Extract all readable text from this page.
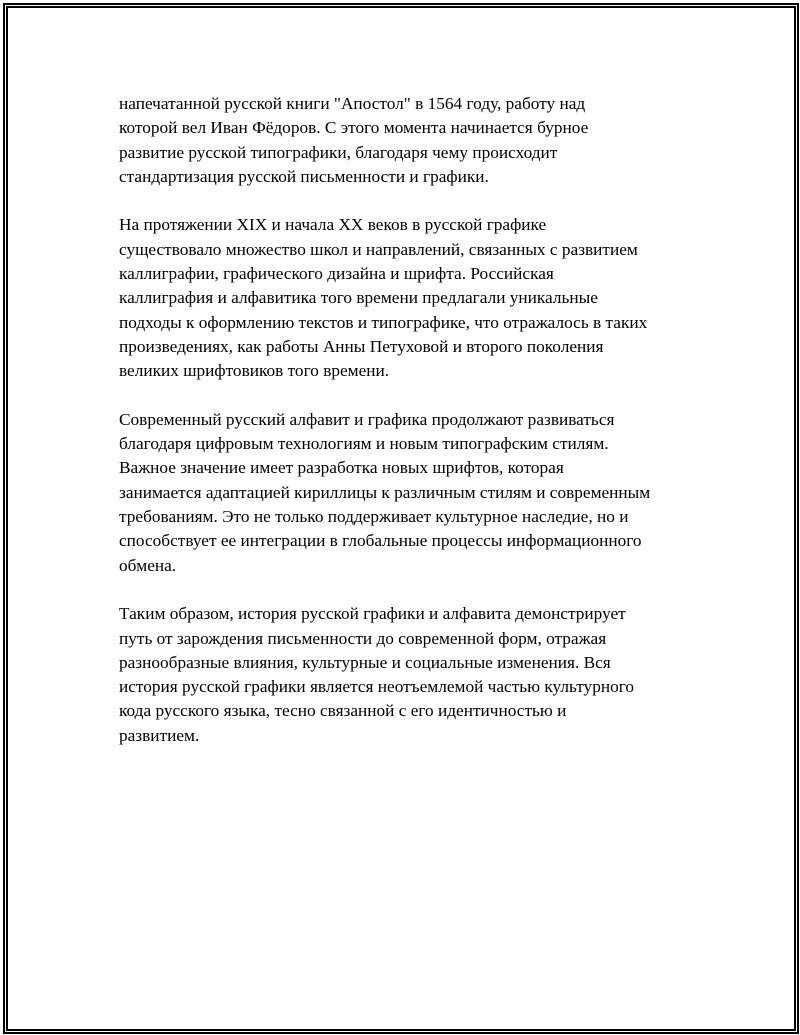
напечатанной русской книги "Апостол" в 1564 году, работу над
которой вел Иван Фёдоров. С этого момента начинается бурное
развитие русской типографики, благодаря чему происходит
стандартизация русской письменности и графики.

На протяжении XIX и начала XX веков в русской графике
существовало множество школ и направлений, связанных с развитием
каллиграфии, графического дизайна и шрифта. Российская
каллиграфия и алфавитика того времени предлагали уникальные
подходы к оформлению текстов и типографике, что отражалось в таких
произведениях, как работы Анны Петуховой и второго поколения
великих шрифтовиков того времени.

Современный русский алфавит и графика продолжают развиваться
благодаря цифровым технологиям и новым типографским стилям.
Важное значение имеет разработка новых шрифтов, которая
занимается адаптацией кириллицы к различным стилям и современным
требованиям. Это не только поддерживает культурное наследие, но и
способствует ее интеграции в глобальные процессы информационного
обмена.

Таким образом, история русской графики и алфавита демонстрирует
путь от зарождения письменности до современной форм, отражая
разнообразные влияния, культурные и социальные изменения. Вся
история русской графики является неотъемлемой частью культурного
кода русского языка, тесно связанной с его идентичностью и
развитием.
